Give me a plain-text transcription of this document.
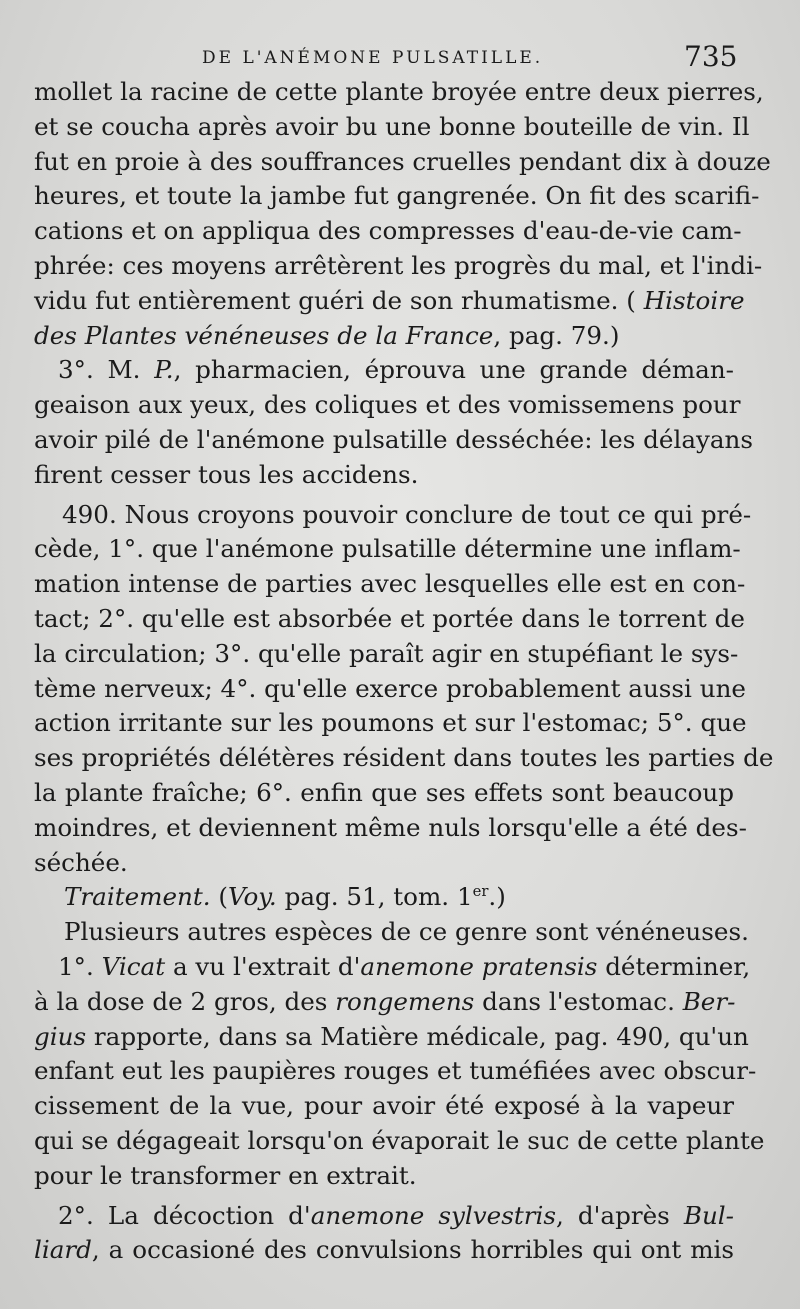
DE L'ANÉMONE PULSATILLE.	735
mollet la racine de cette plante broyée entre deux pierres,
et se coucha après avoir bu une bonne bouteille de vin. Il
fut en proie à des souffrances cruelles pendant dix à douze
heures, et toute la jambe fut gangrenée. On fit des scarifi-
cations et on appliqua des compresses d'eau-de-vie cam-
phrée: ces moyens arrêtèrent les progrès du mal, et l'indi-
vidu fut entièrement guéri de son rhumatisme. ( Histoire
des Plantes vénéneuses de la France, pag. 79.)
3°. M. P., pharmacien, éprouva une grande déman-
geaison aux yeux, des coliques et des vomissemens pour
avoir pilé de l'anémone pulsatille desséchée: les délayans
firent cesser tous les accidens.
490. Nous croyons pouvoir conclure de tout ce qui pré-
cède, 1°. que l'anémone pulsatille détermine une inflam-
mation intense de parties avec lesquelles elle est en con-
tact; 2°. qu'elle est absorbée et portée dans le torrent de
la circulation; 3°. qu'elle paraît agir en stupéfiant le sys-
tème nerveux; 4°. qu'elle exerce probablement aussi une
action irritante sur les poumons et sur l'estomac; 5°. que
ses propriétés délétères résident dans toutes les parties de
la plante fraîche; 6°. enfin que ses effets sont beaucoup
moindres, et deviennent même nuls lorsqu'elle a été des-
séchée.
Traitement. (Voy. pag. 51, tom. 1er.)
Plusieurs autres espèces de ce genre sont vénéneuses.
1°. Vicat a vu l'extrait d'anemone pratensis déterminer,
à la dose de 2 gros, des rongemens dans l'estomac. Ber-
gius rapporte, dans sa Matière médicale, pag. 490, qu'un
enfant eut les paupières rouges et tuméfiées avec obscur-
cissement de la vue, pour avoir été exposé à la vapeur
qui se dégageait lorsqu'on évaporait le suc de cette plante
pour le transformer en extrait.
2°. La décoction d'anemone sylvestris, d'après Bul-
liard, a occasioné des convulsions horribles qui ont mis
